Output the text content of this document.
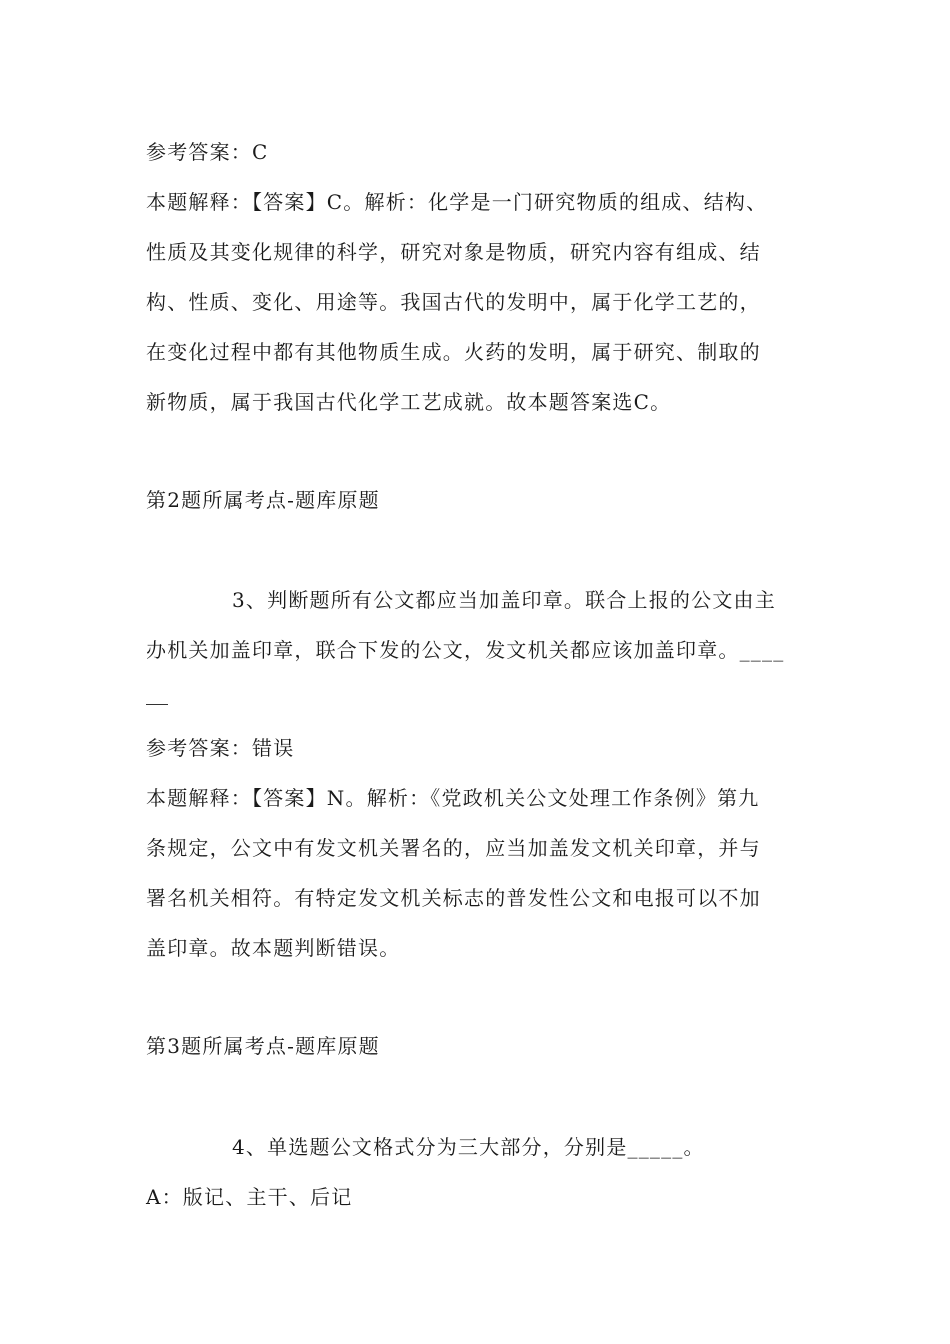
参考答案：C
本题解释：【答案】C。解析：化学是一门研究物质的组成、结构、
性质及其变化规律的科学，研究对象是物质，研究内容有组成、结
构、性质、变化、用途等。我国古代的发明中，属于化学工艺的，
在变化过程中都有其他物质生成。火药的发明，属于研究、制取的
新物质，属于我国古代化学工艺成就。故本题答案选C。
第2题所属考点-题库原题
3、判断题所有公文都应当加盖印章。联合上报的公文由主
办机关加盖印章，联合下发的公文，发文机关都应该加盖印章。____
参考答案：错误
本题解释：【答案】N。解析：《党政机关公文处理工作条例》第九
条规定，公文中有发文机关署名的，应当加盖发文机关印章，并与
署名机关相符。有特定发文机关标志的普发性公文和电报可以不加
盖印章。故本题判断错误。
第3题所属考点-题库原题
4、单选题公文格式分为三大部分，分别是_____。
A：版记、主干、后记
